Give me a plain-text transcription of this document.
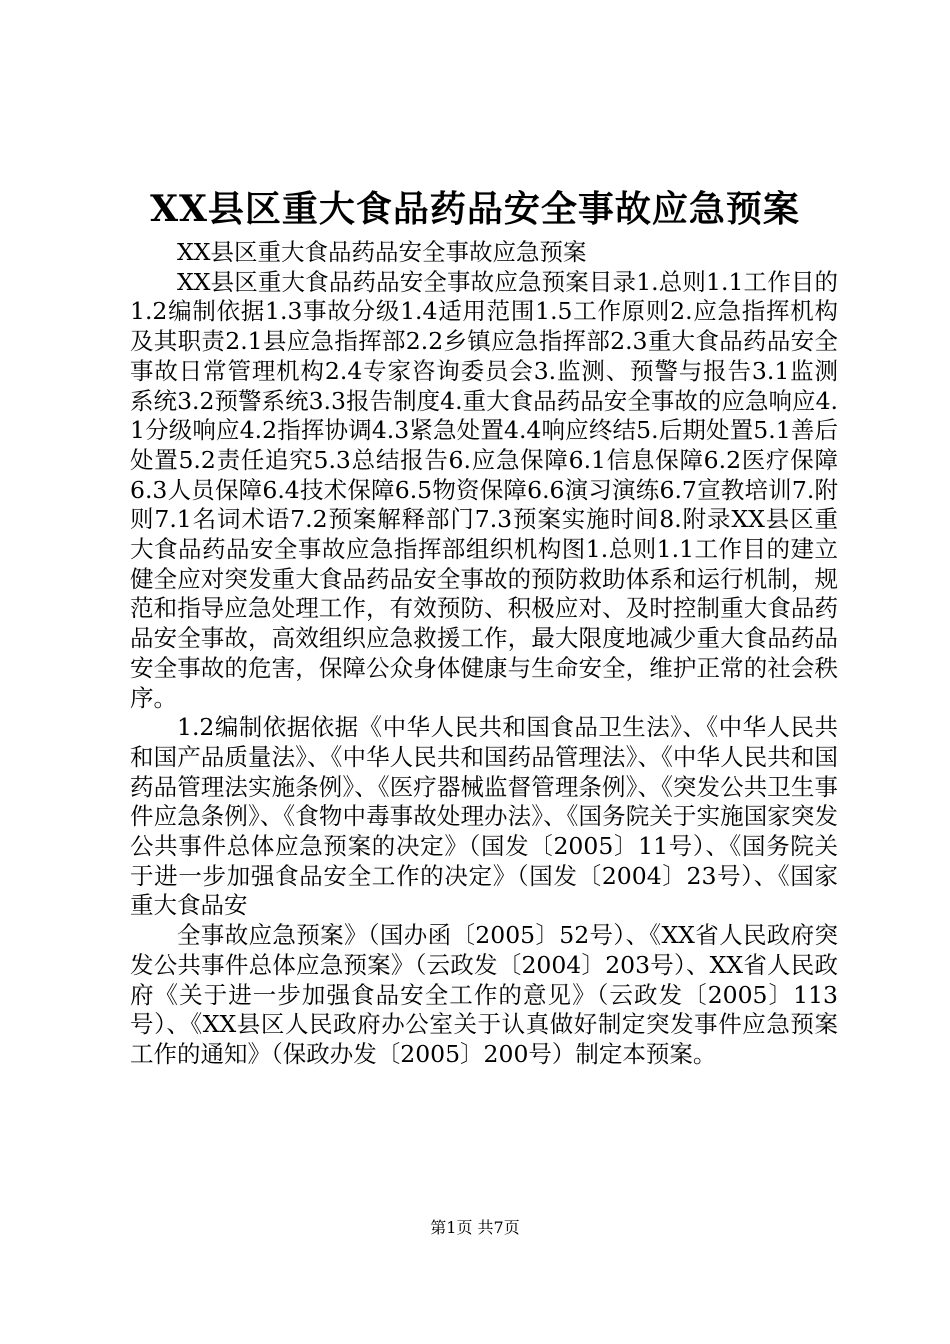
XX县区重大食品药品安全事故应急预案

XX县区重大食品药品安全事故应急预案

XX县区重大食品药品安全事故应急预案目录1.总则1.1工作目的1.2编制依据1.3事故分级1.4适用范围1.5工作原则2.应急指挥机构及其职责2.1县应急指挥部2.2乡镇应急指挥部2.3重大食品药品安全事故日常管理机构2.4专家咨询委员会3.监测、预警与报告3.1监测系统3.2预警系统3.3报告制度4.重大食品药品安全事故的应急响应4.1分级响应4.2指挥协调4.3紧急处置4.4响应终结5.后期处置5.1善后处置5.2责任追究5.3总结报告6.应急保障6.1信息保障6.2医疗保障6.3人员保障6.4技术保障6.5物资保障6.6演习演练6.7宣教培训7.附则7.1名词术语7.2预案解释部门7.3预案实施时间8.附录XX县区重大食品药品安全事故应急指挥部组织机构图1.总则1.1工作目的建立健全应对突发重大食品药品安全事故的预防救助体系和运行机制，规范和指导应急处理工作，有效预防、积极应对、及时控制重大食品药品安全事故，高效组织应急救援工作，最大限度地减少重大食品药品安全事故的危害，保障公众身体健康与生命安全，维护正常的社会秩序。

1.2编制依据依据《中华人民共和国食品卫生法》、《中华人民共和国产品质量法》、《中华人民共和国药品管理法》、《中华人民共和国药品管理法实施条例》、《医疗器械监督管理条例》、《突发公共卫生事件应急条例》、《食物中毒事故处理办法》、《国务院关于实施国家突发公共事件总体应急预案的决定》（国发〔2005〕11号）、《国务院关于进一步加强食品安全工作的决定》（国发〔2004〕23号）、《国家重大食品安

全事故应急预案》（国办函〔2005〕52号）、《XX省人民政府突发公共事件总体应急预案》（云政发〔2004〕203号）、XX省人民政府《关于进一步加强食品安全工作的意见》（云政发〔2005〕113号）、《XX县区人民政府办公室关于认真做好制定突发事件应急预案工作的通知》（保政办发〔2005〕200号）制定本预案。

第1页 共7页
